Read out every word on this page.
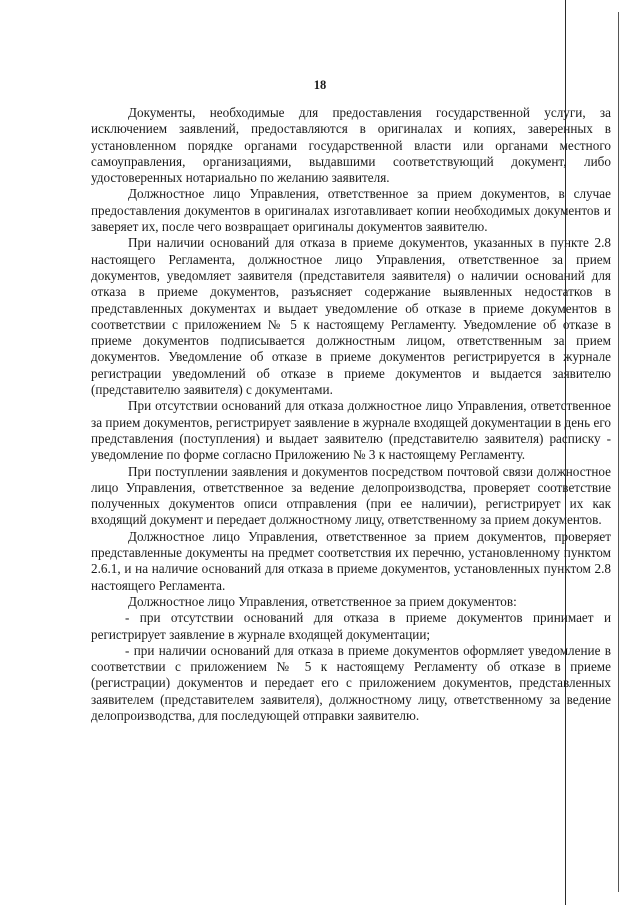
18

Документы, необходимые для предоставления государственной услуги, за исключением заявлений, предоставляются в оригиналах и копиях, заверенных в установленном порядке органами государственной власти или органами местного самоуправления, организациями, выдавшими соответствующий документ, либо удостоверенных нотариально по желанию заявителя.

Должностное лицо Управления, ответственное за прием документов, в случае предоставления документов в оригиналах изготавливает копии необходимых документов и заверяет их, после чего возвращает оригиналы документов заявителю.

При наличии оснований для отказа в приеме документов, указанных в пункте 2.8 настоящего Регламента, должностное лицо Управления, ответственное за прием документов, уведомляет заявителя (представителя заявителя) о наличии оснований для отказа в приеме документов, разъясняет содержание выявленных недостатков в представленных документах и выдает уведомление об отказе в приеме документов в соответствии с приложением № 5 к настоящему Регламенту. Уведомление об отказе в приеме документов подписывается должностным лицом, ответственным за прием документов. Уведомление об отказе в приеме документов регистрируется в журнале регистрации уведомлений об отказе в приеме документов и выдается заявителю (представителю заявителя) с документами.

При отсутствии оснований для отказа должностное лицо Управления, ответственное за прием документов, регистрирует заявление в журнале входящей документации в день его представления (поступления) и выдает заявителю (представителю заявителя) расписку - уведомление по форме согласно Приложению № 3 к настоящему Регламенту.

При поступлении заявления и документов посредством почтовой связи должностное лицо Управления, ответственное за ведение делопроизводства, проверяет соответствие полученных документов описи отправления (при ее наличии), регистрирует их как входящий документ и передает должностному лицу, ответственному за прием документов.

Должностное лицо Управления, ответственное за прием документов, проверяет представленные документы на предмет соответствия их перечню, установленному пунктом 2.6.1, и на наличие оснований для отказа в приеме документов, установленных пунктом 2.8 настоящего Регламента.

Должностное лицо Управления, ответственное за прием документов:

- при отсутствии оснований для отказа в приеме документов принимает и регистрирует заявление в журнале входящей документации;

- при наличии оснований для отказа в приеме документов оформляет уведомление в соответствии с приложением № 5 к настоящему Регламенту об отказе в приеме (регистрации) документов и передает его с приложением документов, представленных заявителем (представителем заявителя), должностному лицу, ответственному за ведение делопроизводства, для последующей отправки заявителю.
